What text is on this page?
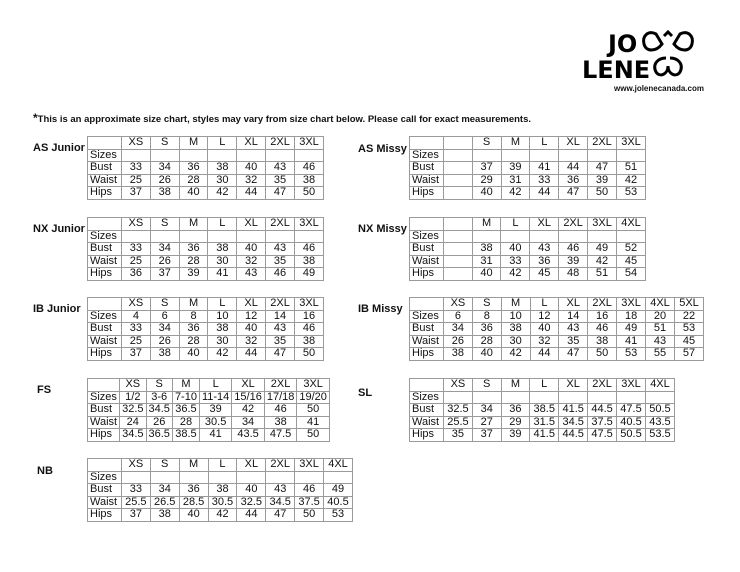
JO
LENE
www.jolenecanada.com
*This is an approximate size chart, styles may vary from size chart below. Please call for exact measurements.
AS Junior	AS Missy
NX Junior	NX Missy
IB Junior	IB Missy
FS	SL
NB
	XS	S	M	L	XL	2XL	3XL
Sizes							
Bust	33	34	36	38	40	43	46
Waist	25	26	28	30	32	35	38
Hips	37	38	40	42	44	47	50
		S	M	L	XL	2XL	3XL
Sizes							
Bust		37	39	41	44	47	51
Waist		29	31	33	36	39	42
Hips		40	42	44	47	50	53
	XS	S	M	L	XL	2XL	3XL
Sizes							
Bust	33	34	36	38	40	43	46
Waist	25	26	28	30	32	35	38
Hips	36	37	39	41	43	46	49
		M	L	XL	2XL	3XL	4XL
Sizes							
Bust		38	40	43	46	49	52
Waist		31	33	36	39	42	45
Hips		40	42	45	48	51	54
	XS	S	M	L	XL	2XL	3XL
Sizes	4	6	8	10	12	14	16
Bust	33	34	36	38	40	43	46
Waist	25	26	28	30	32	35	38
Hips	37	38	40	42	44	47	50
	XS	S	M	L	XL	2XL	3XL	4XL	5XL
Sizes	6	8	10	12	14	16	18	20	22
Bust	34	36	38	40	43	46	49	51	53
Waist	26	28	30	32	35	38	41	43	45
Hips	38	40	42	44	47	50	53	55	57
	XS	S	M	L	XL	2XL	3XL
Sizes	1/2	3-6	7-10	11-14	15/16	17/18	19/20
Bust	32.5	34.5	36.5	39	42	46	50
Waist	24	26	28	30.5	34	38	41
Hips	34.5	36.5	38.5	41	43.5	47.5	50
	XS	S	M	L	XL	2XL	3XL	4XL
Sizes								
Bust	32.5	34	36	38.5	41.5	44.5	47.5	50.5
Waist	25.5	27	29	31.5	34.5	37.5	40.5	43.5
Hips	35	37	39	41.5	44.5	47.5	50.5	53.5
	XS	S	M	L	XL	2XL	3XL	4XL
Sizes								
Bust	33	34	36	38	40	43	46	49
Waist	25.5	26.5	28.5	30.5	32.5	34.5	37.5	40.5
Hips	37	38	40	42	44	47	50	53
